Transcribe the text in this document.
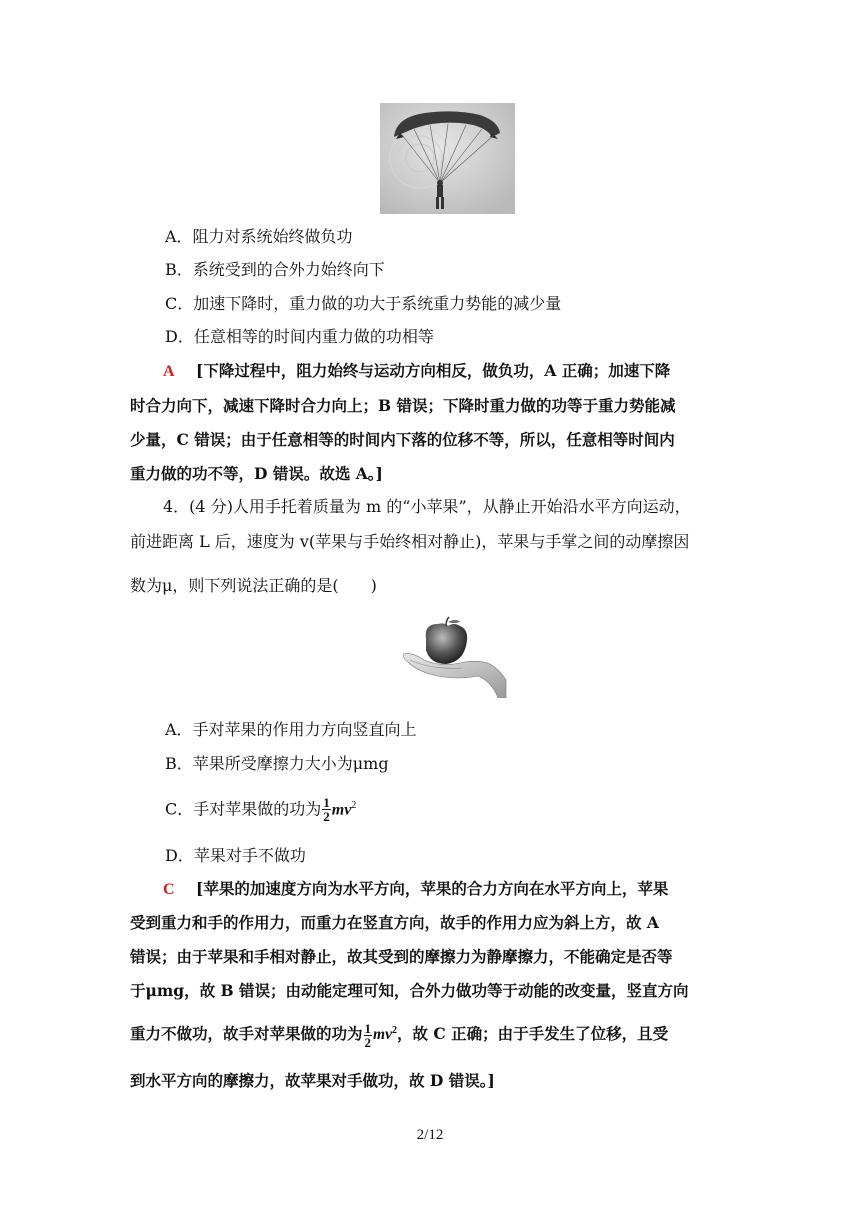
A．阻力对系统始终做负功
B．系统受到的合外力始终向下
C．加速下降时，重力做的功大于系统重力势能的减少量
D．任意相等的时间内重力做的功相等
A [下降过程中，阻力始终与运动方向相反，做负功，A 正确；加速下降
时合力向下，减速下降时合力向上；B 错误；下降时重力做的功等于重力势能减
少量，C 错误；由于任意相等的时间内下落的位移不等，所以，任意相等时间内
重力做的功不等，D 错误。故选 A。]
4．(4 分)人用手托着质量为 m 的“小苹果”，从静止开始沿水平方向运动，
前进距离 L 后，速度为 v(苹果与手始终相对静止)，苹果与手掌之间的动摩擦因
数为μ，则下列说法正确的是(　　)
A．手对苹果的作用力方向竖直向上
B．苹果所受摩擦力大小为μmg
C．手对苹果做的功为 $\frac{1}{2} mv^2$
D．苹果对手不做功
C [苹果的加速度方向为水平方向，苹果的合力方向在水平方向上，苹果
受到重力和手的作用力，而重力在竖直方向，故手的作用力应为斜上方，故 A
错误；由于苹果和手相对静止，故其受到的摩擦力为静摩擦力，不能确定是否等
于μmg，故 B 错误；由动能定理可知，合外力做功等于动能的改变量，竖直方向
重力不做功，故手对苹果做的功为 $\frac{1}{2} mv^2$，故 C 正确；由于手发生了位移，且受
到水平方向的摩擦力，故苹果对手做功，故 D 错误。]
2/12
